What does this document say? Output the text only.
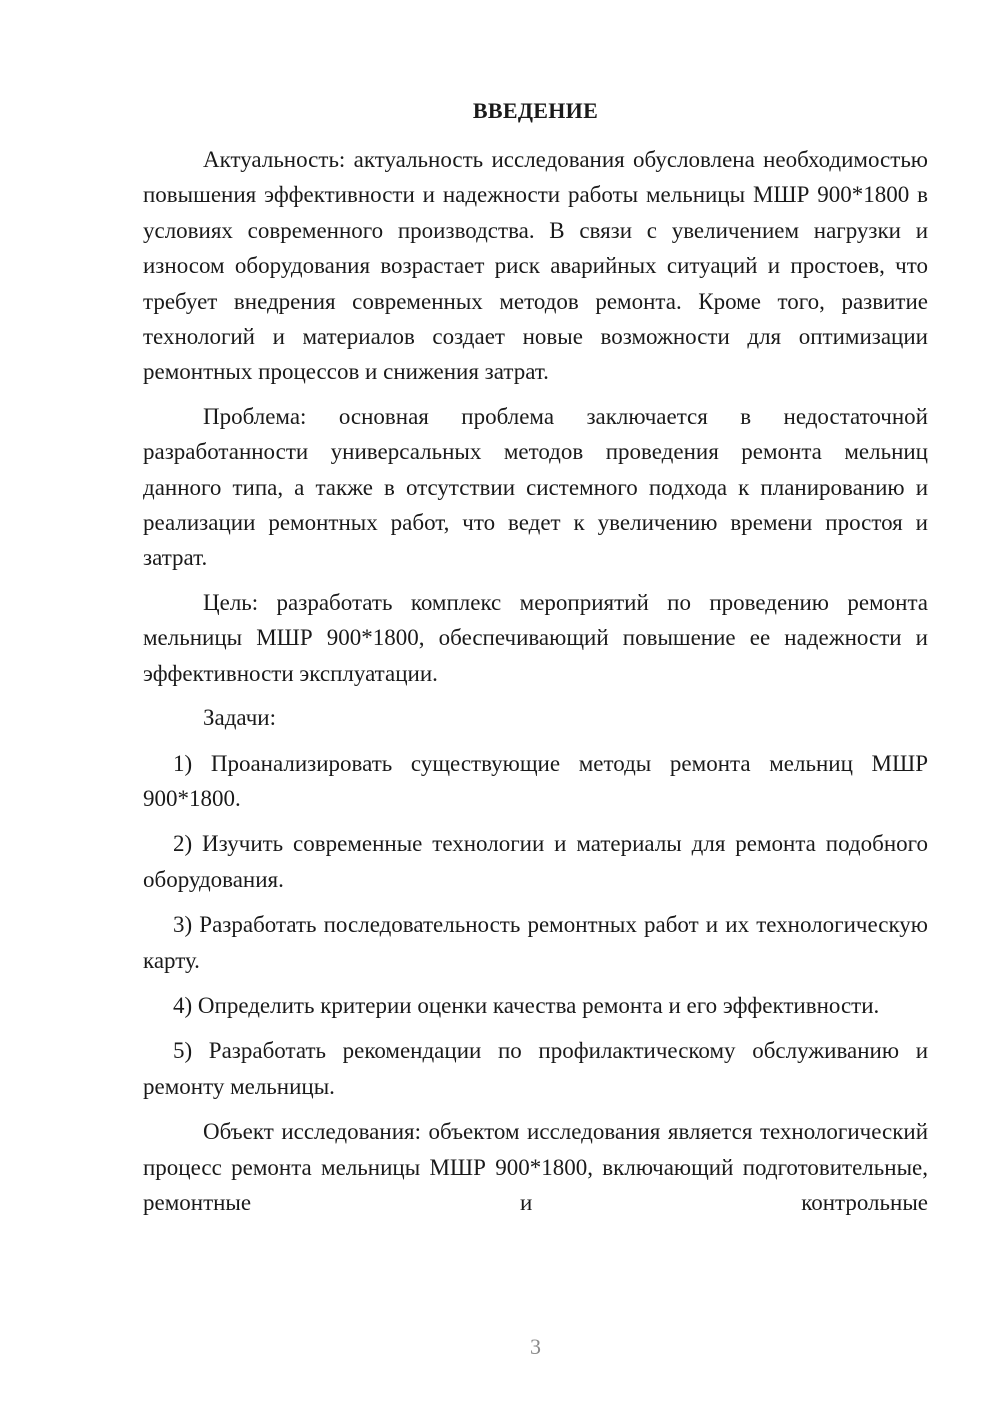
ВВЕДЕНИЕ

Актуальность: актуальность исследования обусловлена необходимостью повышения эффективности и надежности работы мельницы МШР 900*1800 в условиях современного производства. В связи с увеличением нагрузки и износом оборудования возрастает риск аварийных ситуаций и простоев, что требует внедрения современных методов ремонта. Кроме того, развитие технологий и материалов создает новые возможности для оптимизации ремонтных процессов и снижения затрат.

Проблема: основная проблема заключается в недостаточной разработанности универсальных методов проведения ремонта мельниц данного типа, а также в отсутствии системного подхода к планированию и реализации ремонтных работ, что ведет к увеличению времени простоя и затрат.

Цель: разработать комплекс мероприятий по проведению ремонта мельницы МШР 900*1800, обеспечивающий повышение ее надежности и эффективности эксплуатации.

Задачи:

1) Проанализировать существующие методы ремонта мельниц МШР 900*1800.

2) Изучить современные технологии и материалы для ремонта подобного оборудования.

3) Разработать последовательность ремонтных работ и их технологическую карту.

4) Определить критерии оценки качества ремонта и его эффективности.

5) Разработать рекомендации по профилактическому обслуживанию и ремонту мельницы.

Объект исследования: объектом исследования является технологический процесс ремонта мельницы МШР 900*1800, включающий подготовительные, ремонтные и контрольные

3
